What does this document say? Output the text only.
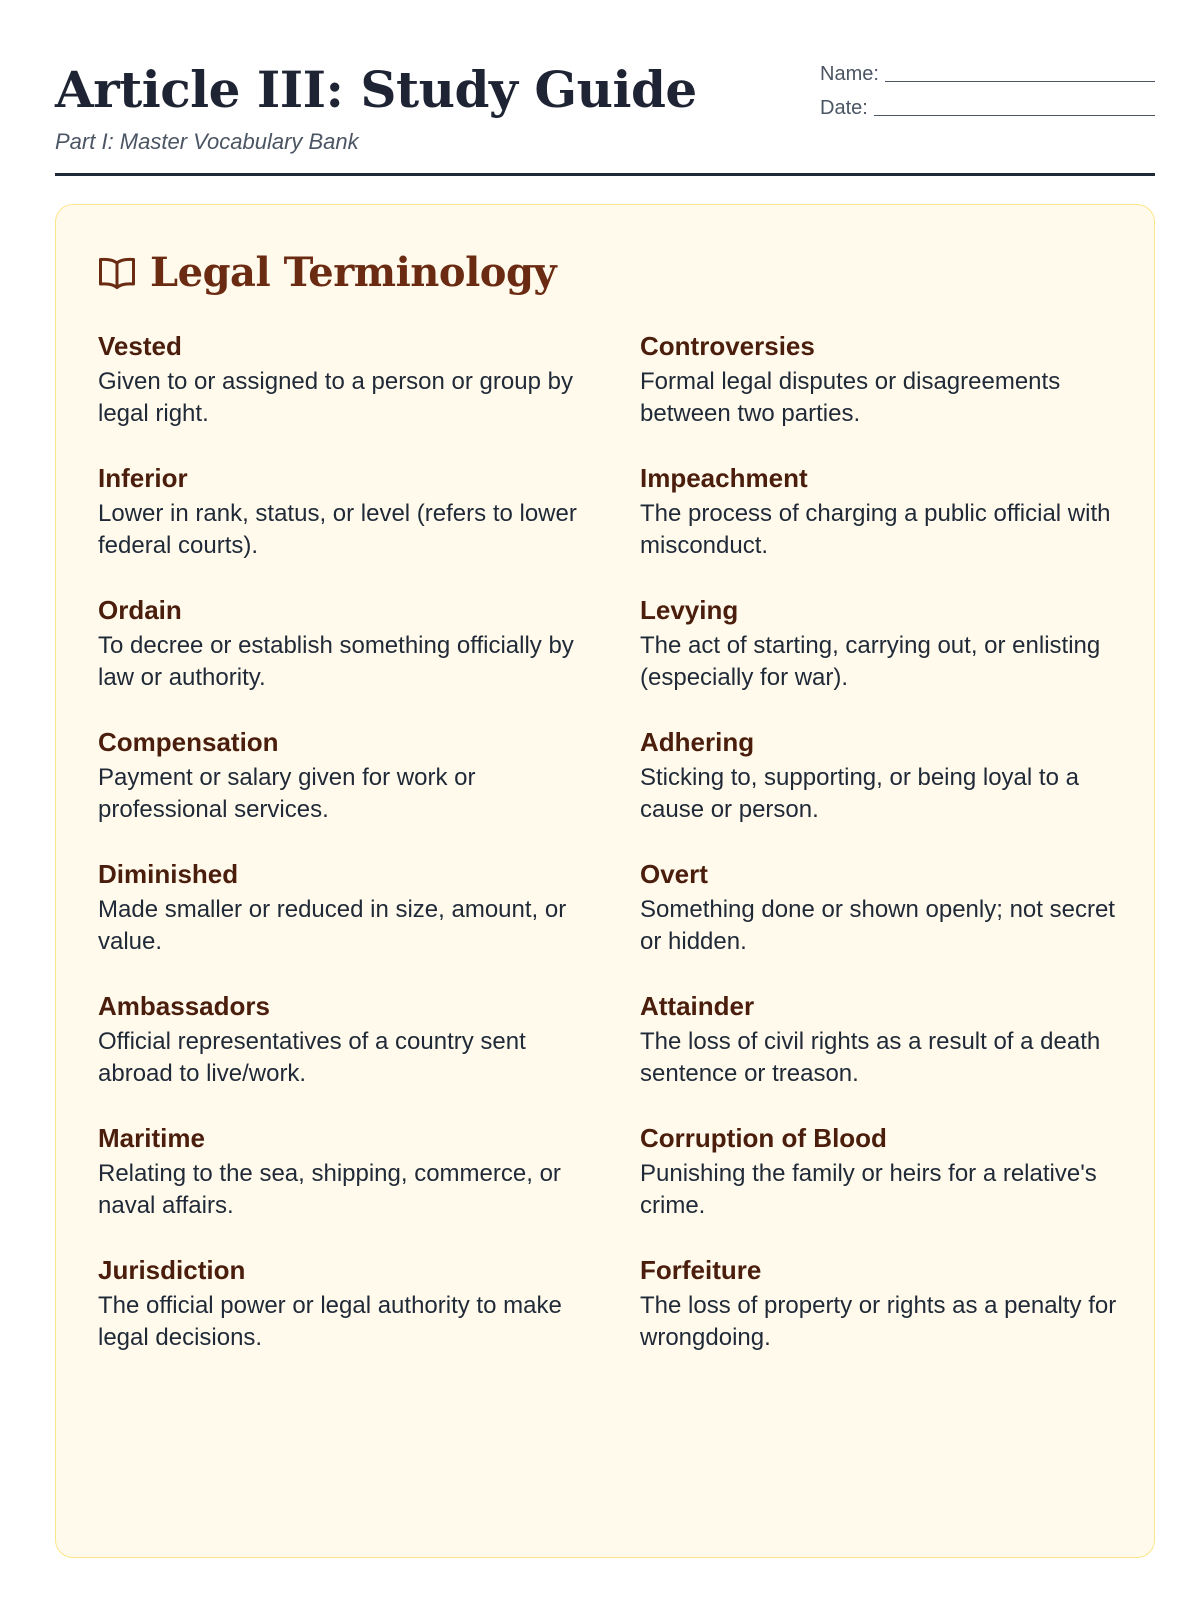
Article III: Study Guide
Part I: Master Vocabulary Bank
Name:
Date:
Legal Terminology
Vested
Given to or assigned to a person or group by legal right.
Controversies
Formal legal disputes or disagreements between two parties.
Inferior
Lower in rank, status, or level (refers to lower federal courts).
Impeachment
The process of charging a public official with misconduct.
Ordain
To decree or establish something officially by law or authority.
Levying
The act of starting, carrying out, or enlisting (especially for war).
Compensation
Payment or salary given for work or professional services.
Adhering
Sticking to, supporting, or being loyal to a cause or person.
Diminished
Made smaller or reduced in size, amount, or value.
Overt
Something done or shown openly; not secret or hidden.
Ambassadors
Official representatives of a country sent abroad to live/work.
Attainder
The loss of civil rights as a result of a death sentence or treason.
Maritime
Relating to the sea, shipping, commerce, or naval affairs.
Corruption of Blood
Punishing the family or heirs for a relative's crime.
Jurisdiction
The official power or legal authority to make legal decisions.
Forfeiture
The loss of property or rights as a penalty for wrongdoing.
